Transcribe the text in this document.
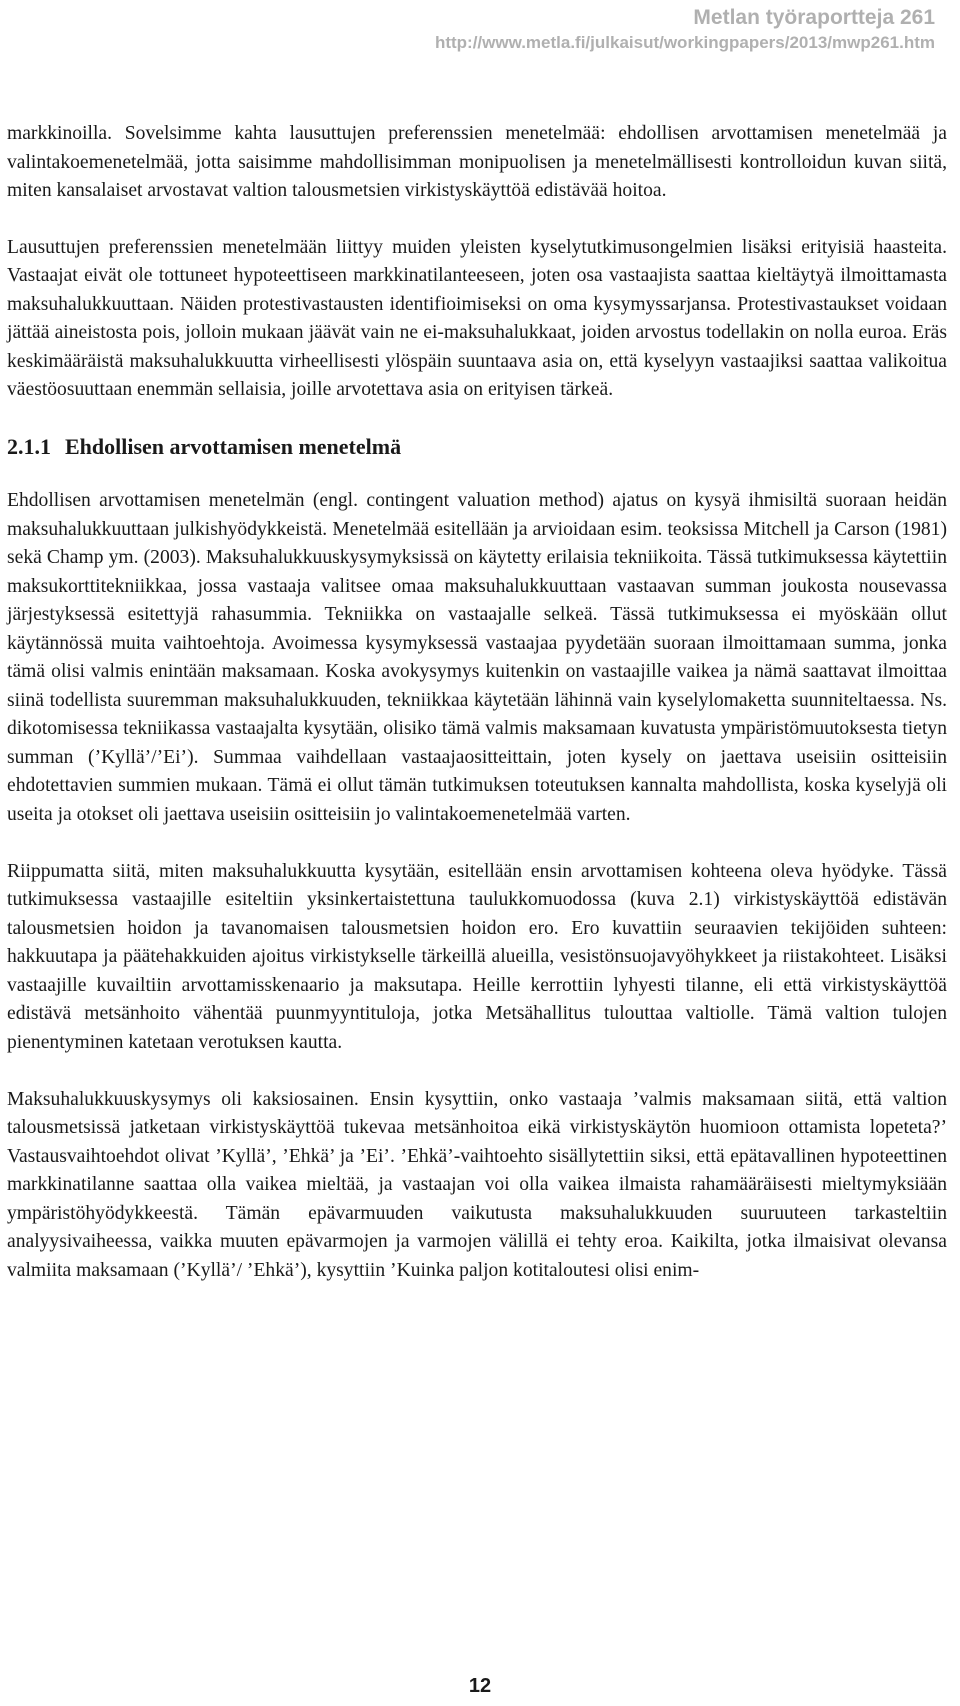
Metlan työraportteja 261
http://www.metla.fi/julkaisut/workingpapers/2013/mwp261.htm

markkinoilla. Sovelsimme kahta lausuttujen preferenssien menetelmää: ehdollisen arvottamisen menetelmää ja valintakoemenetelmää, jotta saisimme mahdollisimman monipuolisen ja menetelmällisesti kontrolloidun kuvan siitä, miten kansalaiset arvostavat valtion talousmetsien virkistyskäyttöä edistävää hoitoa.

Lausuttujen preferenssien menetelmään liittyy muiden yleisten kyselytutkimusongelmien lisäksi erityisiä haasteita. Vastaajat eivät ole tottuneet hypoteettiseen markkinatilanteeseen, joten osa vastaajista saattaa kieltäytyä ilmoittamasta maksuhalukkuuttaan. Näiden protestivastausten identifioimiseksi on oma kysymyssarjansa. Protestivastaukset voidaan jättää aineistosta pois, jolloin mukaan jäävät vain ne ei-maksuhalukkaat, joiden arvostus todellakin on nolla euroa. Eräs keskimääräistä maksuhalukkuutta virheellisesti ylöspäin suuntaava asia on, että kyselyyn vastaajiksi saattaa valikoitua väestöosuuttaan enemmän sellaisia, joille arvotettava asia on erityisen tärkeä.

2.1.1 Ehdollisen arvottamisen menetelmä

Ehdollisen arvottamisen menetelmän (engl. contingent valuation method) ajatus on kysyä ihmisiltä suoraan heidän maksuhalukkuuttaan julkishyödykkeistä. Menetelmää esitellään ja arvioidaan esim. teoksissa Mitchell ja Carson (1981) sekä Champ ym. (2003). Maksuhalukkuuskysymyksissä on käytetty erilaisia tekniikoita. Tässä tutkimuksessa käytettiin maksukorttitekniikkaa, jossa vastaaja valitsee omaa maksuhalukkuuttaan vastaavan summan joukosta nousevassa järjestyksessä esitettyjä rahasummia. Tekniikka on vastaajalle selkeä. Tässä tutkimuksessa ei myöskään ollut käytännössä muita vaihtoehtoja. Avoimessa kysymyksessä vastaajaa pyydetään suoraan ilmoittamaan summa, jonka tämä olisi valmis enintään maksamaan. Koska avokysymys kuitenkin on vastaajille vaikea ja nämä saattavat ilmoittaa siinä todellista suuremman maksuhalukkuuden, tekniikkaa käytetään lähinnä vain kyselylomaketta suunniteltaessa. Ns. dikotomisessa tekniikassa vastaajalta kysytään, olisiko tämä valmis maksamaan kuvatusta ympäristömuutoksesta tietyn summan (’Kyllä’/’Ei’). Summaa vaihdellaan vastaajaositteittain, joten kysely on jaettava useisiin ositteisiin ehdotettavien summien mukaan. Tämä ei ollut tämän tutkimuksen toteutuksen kannalta mahdollista, koska kyselyjä oli useita ja otokset oli jaettava useisiin ositteisiin jo valintakoemenetelmää varten.

Riippumatta siitä, miten maksuhalukkuutta kysytään, esitellään ensin arvottamisen kohteena oleva hyödyke. Tässä tutkimuksessa vastaajille esiteltiin yksinkertaistettuna taulukkomuodossa (kuva 2.1) virkistyskäyttöä edistävän talousmetsien hoidon ja tavanomaisen talousmetsien hoidon ero. Ero kuvattiin seuraavien tekijöiden suhteen: hakkuutapa ja päätehakkuiden ajoitus virkistykselle tärkeillä alueilla, vesistönsuojavyöhykkeet ja riistakohteet. Lisäksi vastaajille kuvailtiin arvottamisskenaario ja maksutapa. Heille kerrottiin lyhyesti tilanne, eli että virkistyskäyttöä edistävä metsänhoito vähentää puunmyyntituloja, jotka Metsähallitus tulouttaa valtiolle. Tämä valtion tulojen pienentyminen katetaan verotuksen kautta.

Maksuhalukkuuskysymys oli kaksiosainen. Ensin kysyttiin, onko vastaaja ’valmis maksamaan siitä, että valtion talousmetsissä jatketaan virkistyskäyttöä tukevaa metsänhoitoa eikä virkistyskäytön huomioon ottamista lopeteta?’ Vastausvaihtoehdot olivat ’Kyllä’, ’Ehkä’ ja ’Ei’. ’Ehkä’-vaihtoehto sisällytettiin siksi, että epätavallinen hypoteettinen markkinatilanne saattaa olla vaikea mieltää, ja vastaajan voi olla vaikea ilmaista rahamääräisesti mieltymyksiään ympäristöhyödykkeestä. Tämän epävarmuuden vaikutusta maksuhalukkuuden suuruuteen tarkasteltiin analyysivaiheessa, vaikka muuten epävarmojen ja varmojen välillä ei tehty eroa. Kaikilta, jotka ilmaisivat olevansa valmiita maksamaan (’Kyllä’/ ’Ehkä’), kysyttiin ’Kuinka paljon kotitaloutesi olisi enim-

12
